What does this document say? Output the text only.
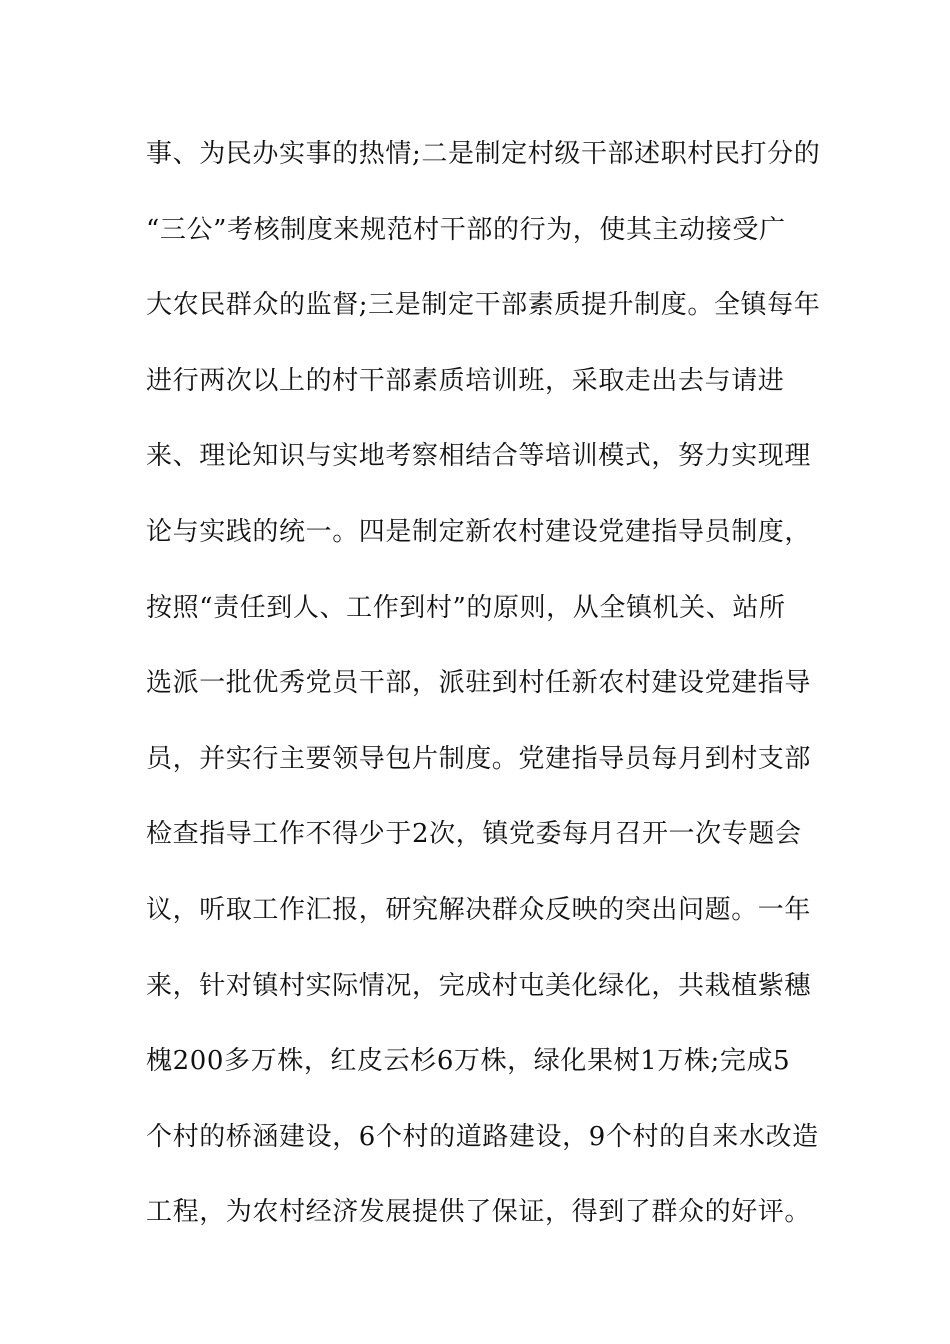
事、为民办实事的热情;二是制定村级干部述职村民打分的
“三公”考核制度来规范村干部的行为，使其主动接受广
大农民群众的监督;三是制定干部素质提升制度。全镇每年
进行两次以上的村干部素质培训班，采取走出去与请进
来、理论知识与实地考察相结合等培训模式，努力实现理
论与实践的统一。四是制定新农村建设党建指导员制度，
按照“责任到人、工作到村”的原则，从全镇机关、站所
选派一批优秀党员干部，派驻到村任新农村建设党建指导
员，并实行主要领导包片制度。党建指导员每月到村支部
检查指导工作不得少于2次，镇党委每月召开一次专题会
议，听取工作汇报，研究解决群众反映的突出问题。一年
来，针对镇村实际情况，完成村屯美化绿化，共栽植紫穗
槐200多万株，红皮云杉6万株，绿化果树1万株;完成5
个村的桥涵建设，6个村的道路建设，9个村的自来水改造
工程，为农村经济发展提供了保证，得到了群众的好评。
